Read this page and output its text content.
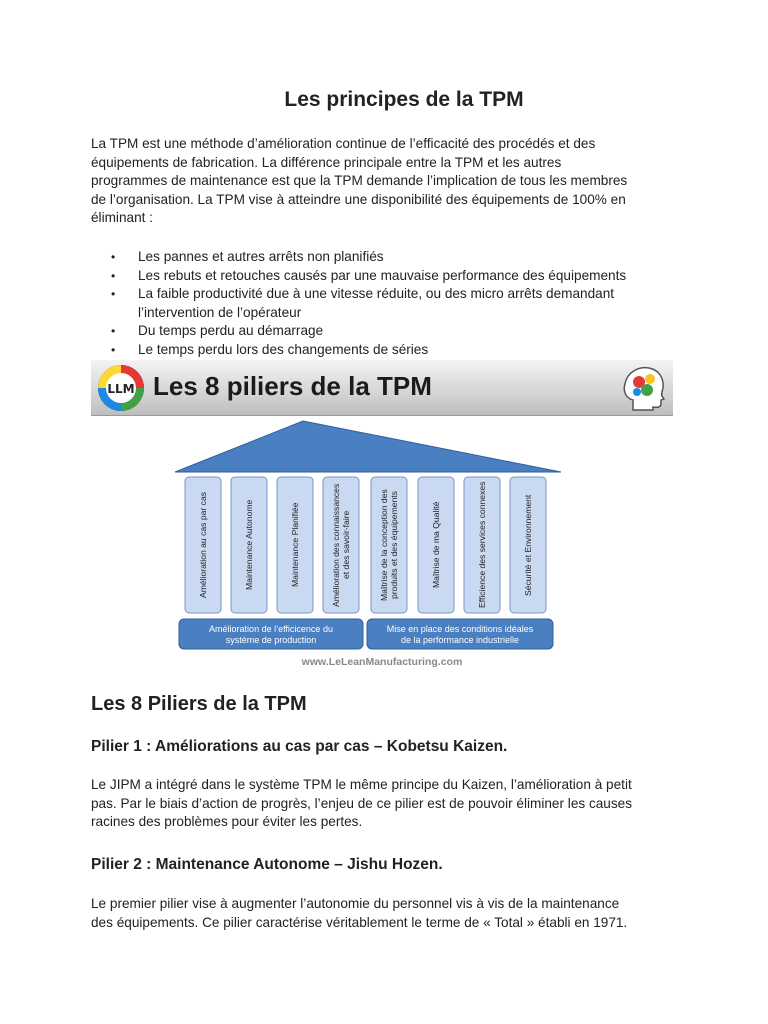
Les principes de la TPM

La TPM est une méthode d’amélioration continue de l’efficacité des procédés et des
équipements de fabrication. La différence principale entre la TPM et les autres
programmes de maintenance est que la TPM demande l’implication de tous les membres
de l’organisation. La TPM vise à atteindre une disponibilité des équipements de 100% en
éliminant :

• Les pannes et autres arrêts non planifiés
• Les rebuts et retouches causés par une mauvaise performance des équipements
• La faible productivité due à une vitesse réduite, ou des micro arrêts demandant
l’intervention de l’opérateur
• Du temps perdu au démarrage
• Le temps perdu lors des changements de séries
LLM Les 8 piliers de la TPM
Amélioration au cas par cas	Maintenance Autonome	Maintenance Planifiée	Amélioration des connaissances et des savoir-faire	Maîtrise de la conception des produits et des équipements	Maîtrise de ma Qualité	Efficience des services connexes	Sécurité et Environnement
Amélioration de l’efficicence du
système de production
Mise en place des conditions idéales
de la performance industrielle
www.LeLeanManufacturing.com
Les 8 Piliers de la TPM
Pilier 1 : Améliorations au cas par cas – Kobetsu Kaizen.

Le JIPM a intégré dans le système TPM le même principe du Kaizen, l’amélioration à petit
pas. Par le biais d’action de progrès, l’enjeu de ce pilier est de pouvoir éliminer les causes
racines des problèmes pour éviter les pertes.

Pilier 2 : Maintenance Autonome – Jishu Hozen.

Le premier pilier vise à augmenter l’autonomie du personnel vis à vis de la maintenance
des équipements. Ce pilier caractérise véritablement le terme de « Total » établi en 1971.
